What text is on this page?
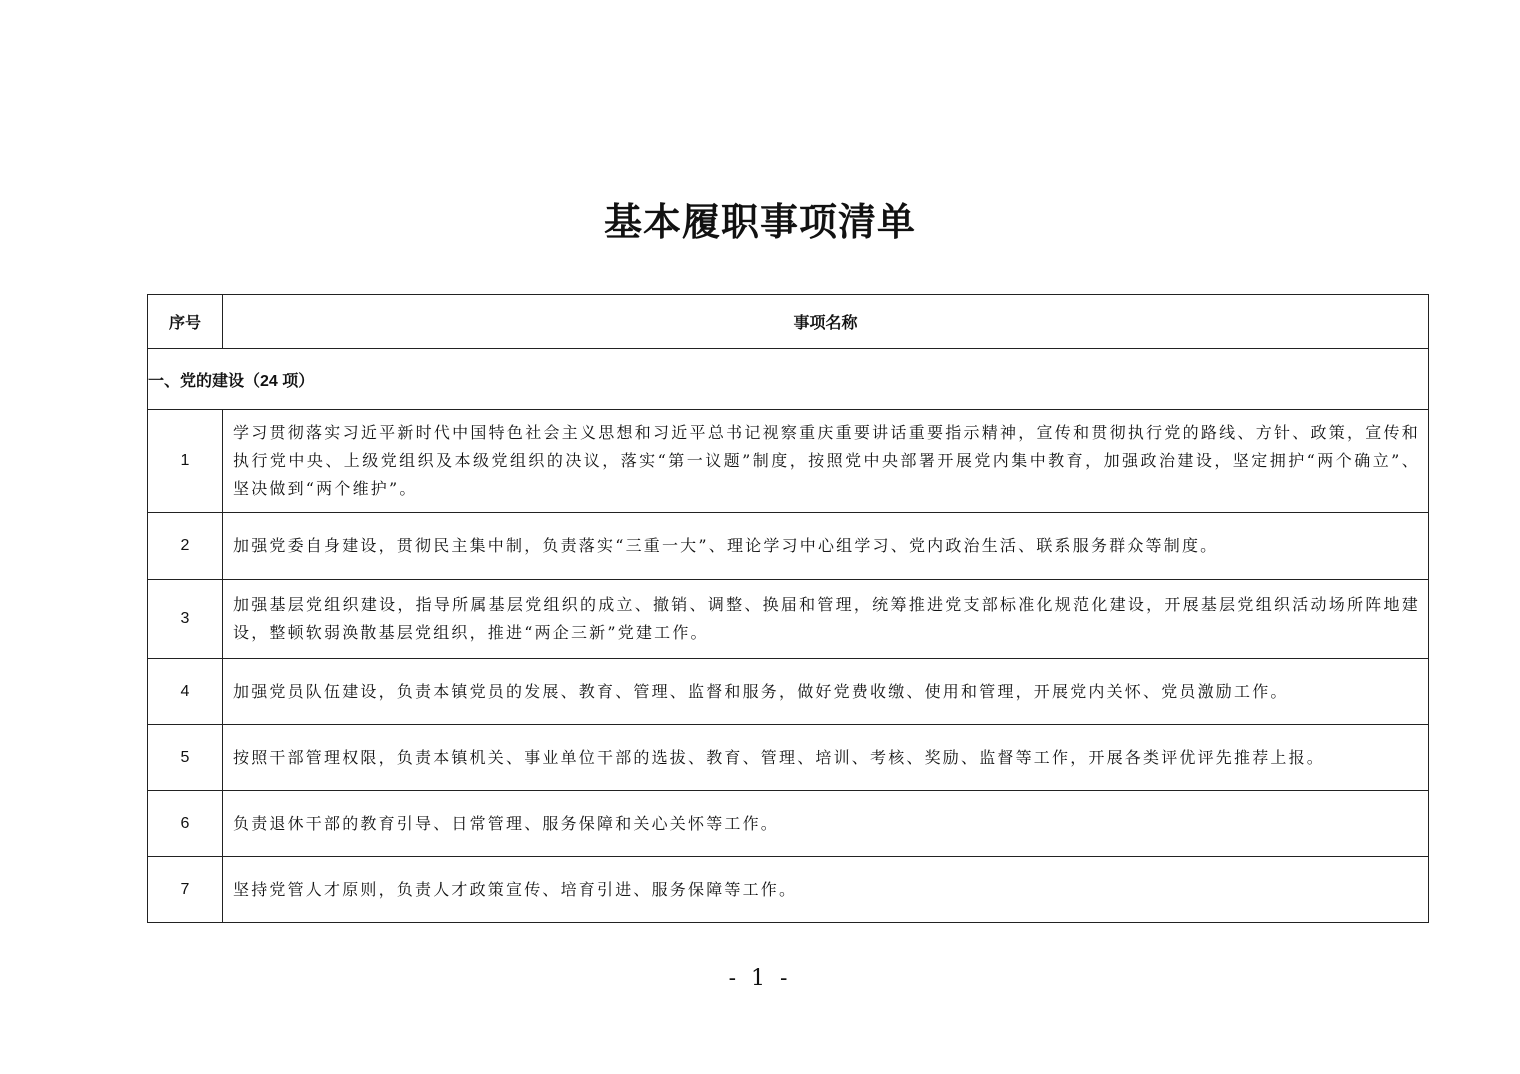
基本履职事项清单
序号	事项名称
一、党的建设（24 项）	
1	学习贯彻落实习近平新时代中国特色社会主义思想和习近平总书记视察重庆重要讲话重要指示精神，宣传和贯彻执行党的路线、方针、政策，宣传和执行党中央、上级党组织及本级党组织的决议，落实“第一议题”制度，按照党中央部署开展党内集中教育，加强政治建设，坚定拥护“两个确立”、坚决做到“两个维护”。
2	加强党委自身建设，贯彻民主集中制，负责落实“三重一大”、理论学习中心组学习、党内政治生活、联系服务群众等制度。
3	加强基层党组织建设，指导所属基层党组织的成立、撤销、调整、换届和管理，统筹推进党支部标准化规范化建设，开展基层党组织活动场所阵地建设，整顿软弱涣散基层党组织，推进“两企三新”党建工作。
4	加强党员队伍建设，负责本镇党员的发展、教育、管理、监督和服务，做好党费收缴、使用和管理，开展党内关怀、党员激励工作。
5	按照干部管理权限，负责本镇机关、事业单位干部的选拔、教育、管理、培训、考核、奖励、监督等工作，开展各类评优评先推荐上报。
6	负责退休干部的教育引导、日常管理、服务保障和关心关怀等工作。
7	坚持党管人才原则，负责人才政策宣传、培育引进、服务保障等工作。
- 1 -
